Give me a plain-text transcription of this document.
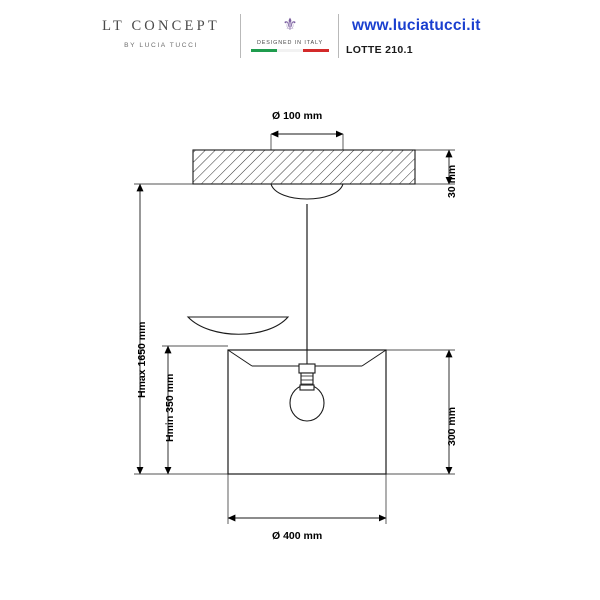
LT CONCEPT
BY LUCIA TUCCI
⚜
DESIGNED IN ITALY
www.luciatucci.it
LOTTE 210.1
Ø 100 mm
30 mm
Hmax 1650 mm
Hmin 350 mm	300 mm
Ø 400 mm
